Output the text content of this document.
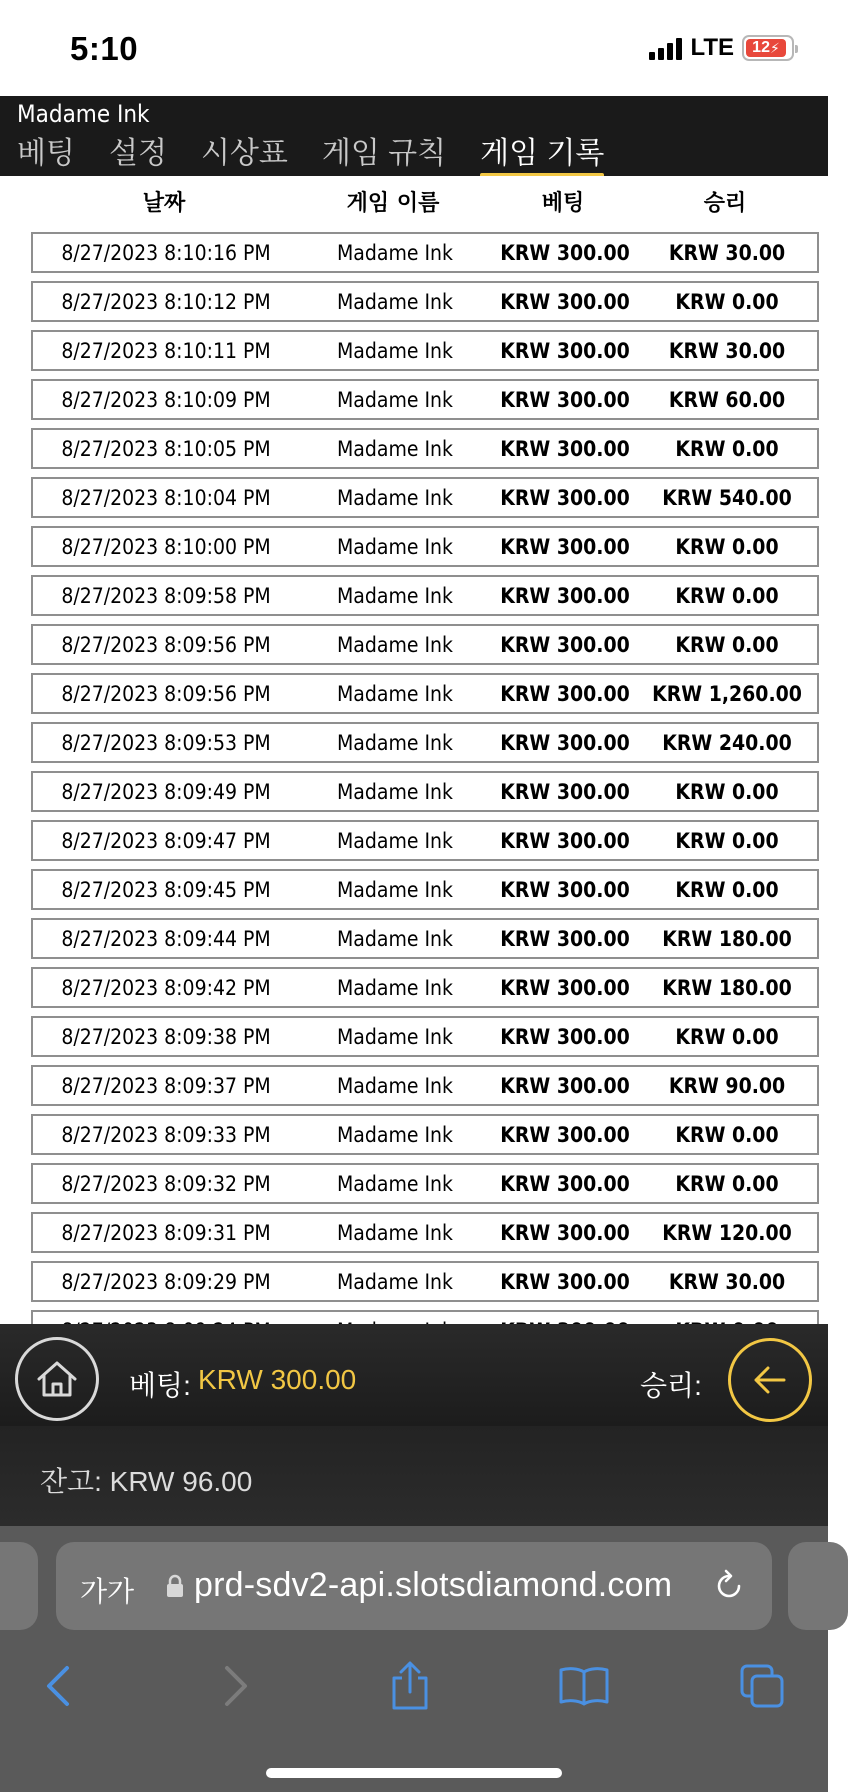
5:10	LTE 12 ⚡
Madame Ink
베팅 설정 시상표 게임 규칙 게임 기록
날짜	게임 이름	베팅	승리
8/27/2023 8:10:16 PM	Madame Ink	KRW 300.00	KRW 30.00
8/27/2023 8:10:12 PM	Madame Ink	KRW 300.00	KRW 0.00
8/27/2023 8:10:11 PM	Madame Ink	KRW 300.00	KRW 30.00
8/27/2023 8:10:09 PM	Madame Ink	KRW 300.00	KRW 60.00
8/27/2023 8:10:05 PM	Madame Ink	KRW 300.00	KRW 0.00
8/27/2023 8:10:04 PM	Madame Ink	KRW 300.00	KRW 540.00
8/27/2023 8:10:00 PM	Madame Ink	KRW 300.00	KRW 0.00
8/27/2023 8:09:58 PM	Madame Ink	KRW 300.00	KRW 0.00
8/27/2023 8:09:56 PM	Madame Ink	KRW 300.00	KRW 0.00
8/27/2023 8:09:56 PM	Madame Ink	KRW 300.00	KRW 1,260.00
8/27/2023 8:09:53 PM	Madame Ink	KRW 300.00	KRW 240.00
8/27/2023 8:09:49 PM	Madame Ink	KRW 300.00	KRW 0.00
8/27/2023 8:09:47 PM	Madame Ink	KRW 300.00	KRW 0.00
8/27/2023 8:09:45 PM	Madame Ink	KRW 300.00	KRW 0.00
8/27/2023 8:09:44 PM	Madame Ink	KRW 300.00	KRW 180.00
8/27/2023 8:09:42 PM	Madame Ink	KRW 300.00	KRW 180.00
8/27/2023 8:09:38 PM	Madame Ink	KRW 300.00	KRW 0.00
8/27/2023 8:09:37 PM	Madame Ink	KRW 300.00	KRW 90.00
8/27/2023 8:09:33 PM	Madame Ink	KRW 300.00	KRW 0.00
8/27/2023 8:09:32 PM	Madame Ink	KRW 300.00	KRW 0.00
8/27/2023 8:09:31 PM	Madame Ink	KRW 300.00	KRW 120.00
8/27/2023 8:09:29 PM	Madame Ink	KRW 300.00	KRW 30.00
베팅: KRW 300.00	승리:
잔고: KRW 96.00
가가 prd-sdv2-api.slotsdiamond.com
